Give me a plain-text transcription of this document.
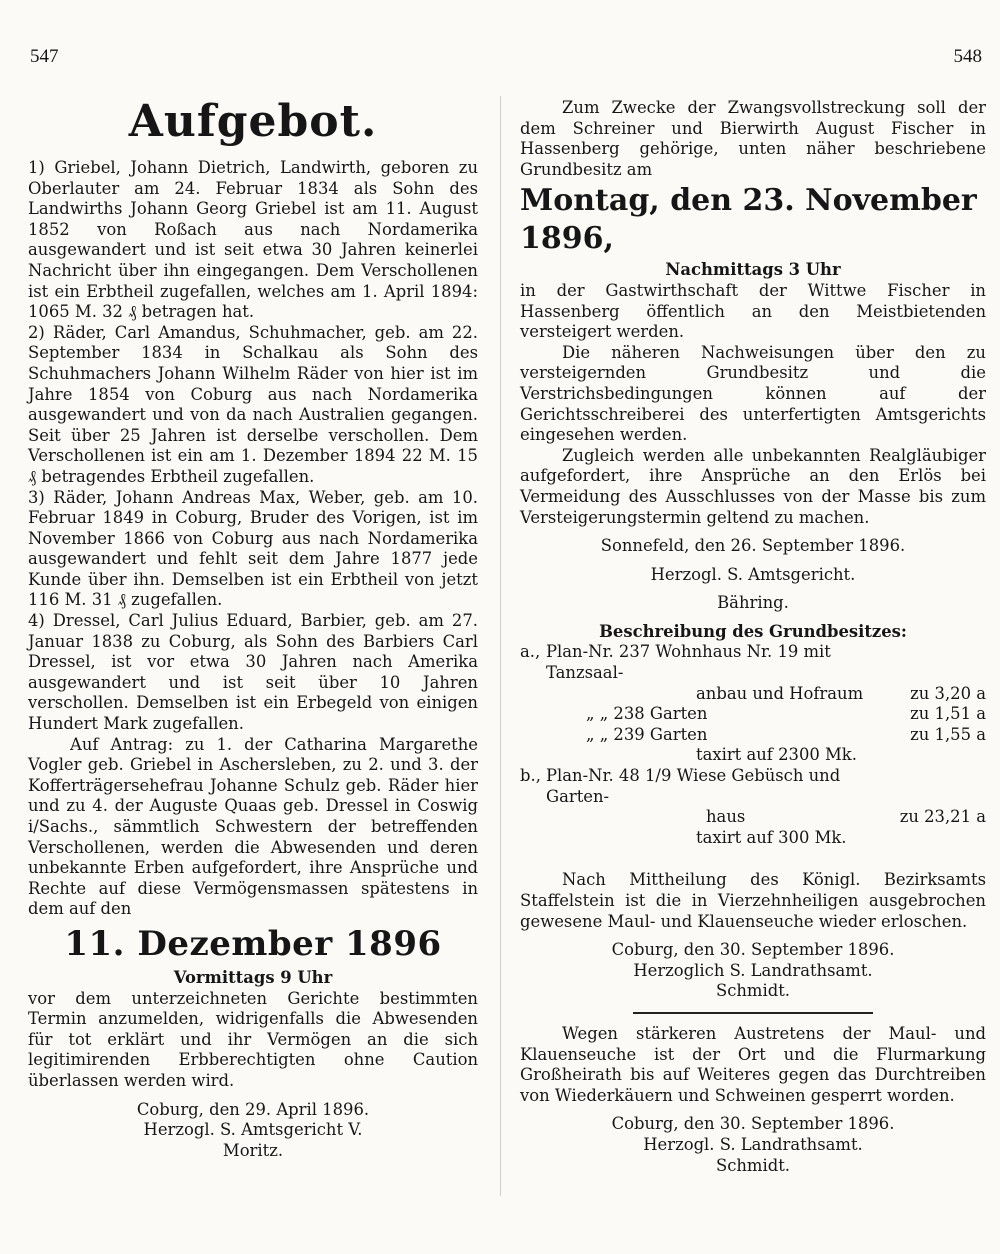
547	548
Aufgebot.

1) Griebel, Johann Dietrich, Landwirth, geboren zu Oberlauter am 24. Februar 1834 als Sohn des Landwirths Johann Georg Griebel ist am 11. August 1852 von Roßach aus nach Nordamerika ausgewandert und ist seit etwa 30 Jahren keinerlei Nachricht über ihn eingegangen. Dem Verschollenen ist ein Erbtheil zugefallen, welches am 1. April 1894: 1065 M. 32 ₰ betragen hat.

2) Räder, Carl Amandus, Schuhmacher, geb. am 22. September 1834 in Schalkau als Sohn des Schuhmachers Johann Wilhelm Räder von hier ist im Jahre 1854 von Coburg aus nach Nordamerika ausgewandert und von da nach Australien gegangen. Seit über 25 Jahren ist derselbe verschollen. Dem Verschollenen ist ein am 1. Dezember 1894 22 M. 15 ₰ betragendes Erbtheil zugefallen.

3) Räder, Johann Andreas Max, Weber, geb. am 10. Februar 1849 in Coburg, Bruder des Vorigen, ist im November 1866 von Coburg aus nach Nordamerika ausgewandert und fehlt seit dem Jahre 1877 jede Kunde über ihn. Demselben ist ein Erbtheil von jetzt 116 M. 31 ₰ zugefallen.

4) Dressel, Carl Julius Eduard, Barbier, geb. am 27. Januar 1838 zu Coburg, als Sohn des Barbiers Carl Dressel, ist vor etwa 30 Jahren nach Amerika ausgewandert und ist seit über 10 Jahren verschollen. Demselben ist ein Erbegeld von einigen Hundert Mark zugefallen.

Auf Antrag: zu 1. der Catharina Margarethe Vogler geb. Griebel in Aschersleben, zu 2. und 3. der Kofferträgersehefrau Johanne Schulz geb. Räder hier und zu 4. der Auguste Quaas geb. Dressel in Coswig i/Sachs., sämmtlich Schwestern der betreffenden Verschollenen, werden die Abwesenden und deren unbekannte Erben aufgefordert, ihre Ansprüche und Rechte auf diese Vermögensmassen spätestens in dem auf den

11. Dezember 1896

Vormittags 9 Uhr

vor dem unterzeichneten Gerichte bestimmten Termin anzumelden, widrigenfalls die Abwesenden für tot erklärt und ihr Vermögen an die sich legitimirenden Erbberechtigten ohne Caution überlassen werden wird.

Coburg, den 29. April 1896.

Herzogl. S. Amtsgericht V.

Moritz.

Zum Zwecke der Zwangsvollstreckung soll der dem Schreiner und Bierwirth August Fischer in Hassenberg gehörige, unten näher beschriebene Grundbesitz am

Montag, den 23. November 1896,

Nachmittags 3 Uhr

in der Gastwirthschaft der Wittwe Fischer in Hassenberg öffentlich an den Meistbietenden versteigert werden.

Die näheren Nachweisungen über den zu versteigernden Grundbesitz und die Verstrichsbedingungen können auf der Gerichtsschreiberei des unterfertigten Amtsgerichts eingesehen werden.

Zugleich werden alle unbekannten Realgläubiger aufgefordert, ihre Ansprüche an den Erlös bei Vermeidung des Ausschlusses von der Masse bis zum Versteigerungstermin geltend zu machen.

Sonnefeld, den 26. September 1896.

Herzogl. S. Amtsgericht.

Bähring.

Beschreibung des Grundbesitzes:

a., Plan-Nr. 237 Wohnhaus Nr. 19 mit Tanzsaal-
anbau und Hofraum	zu 3,20 a
„ „ 238 Garten	zu 1,51 a
„ „ 239 Garten	zu 1,55 a
taxirt auf 2300 Mk.
b., Plan-Nr. 48 1/9 Wiese Gebüsch und Garten-
haus	zu 23,21 a
taxirt auf 300 Mk.

Nach Mittheilung des Königl. Bezirksamts Staffelstein ist die in Vierzehnheiligen ausgebrochen gewesene Maul- und Klauenseuche wieder erloschen.

Coburg, den 30. September 1896.

Herzoglich S. Landrathsamt.

Schmidt.

Wegen stärkeren Austretens der Maul- und Klauenseuche ist der Ort und die Flurmarkung Großheirath bis auf Weiteres gegen das Durchtreiben von Wiederkäuern und Schweinen gesperrt worden.

Coburg, den 30. September 1896.

Herzogl. S. Landrathsamt.

Schmidt.
